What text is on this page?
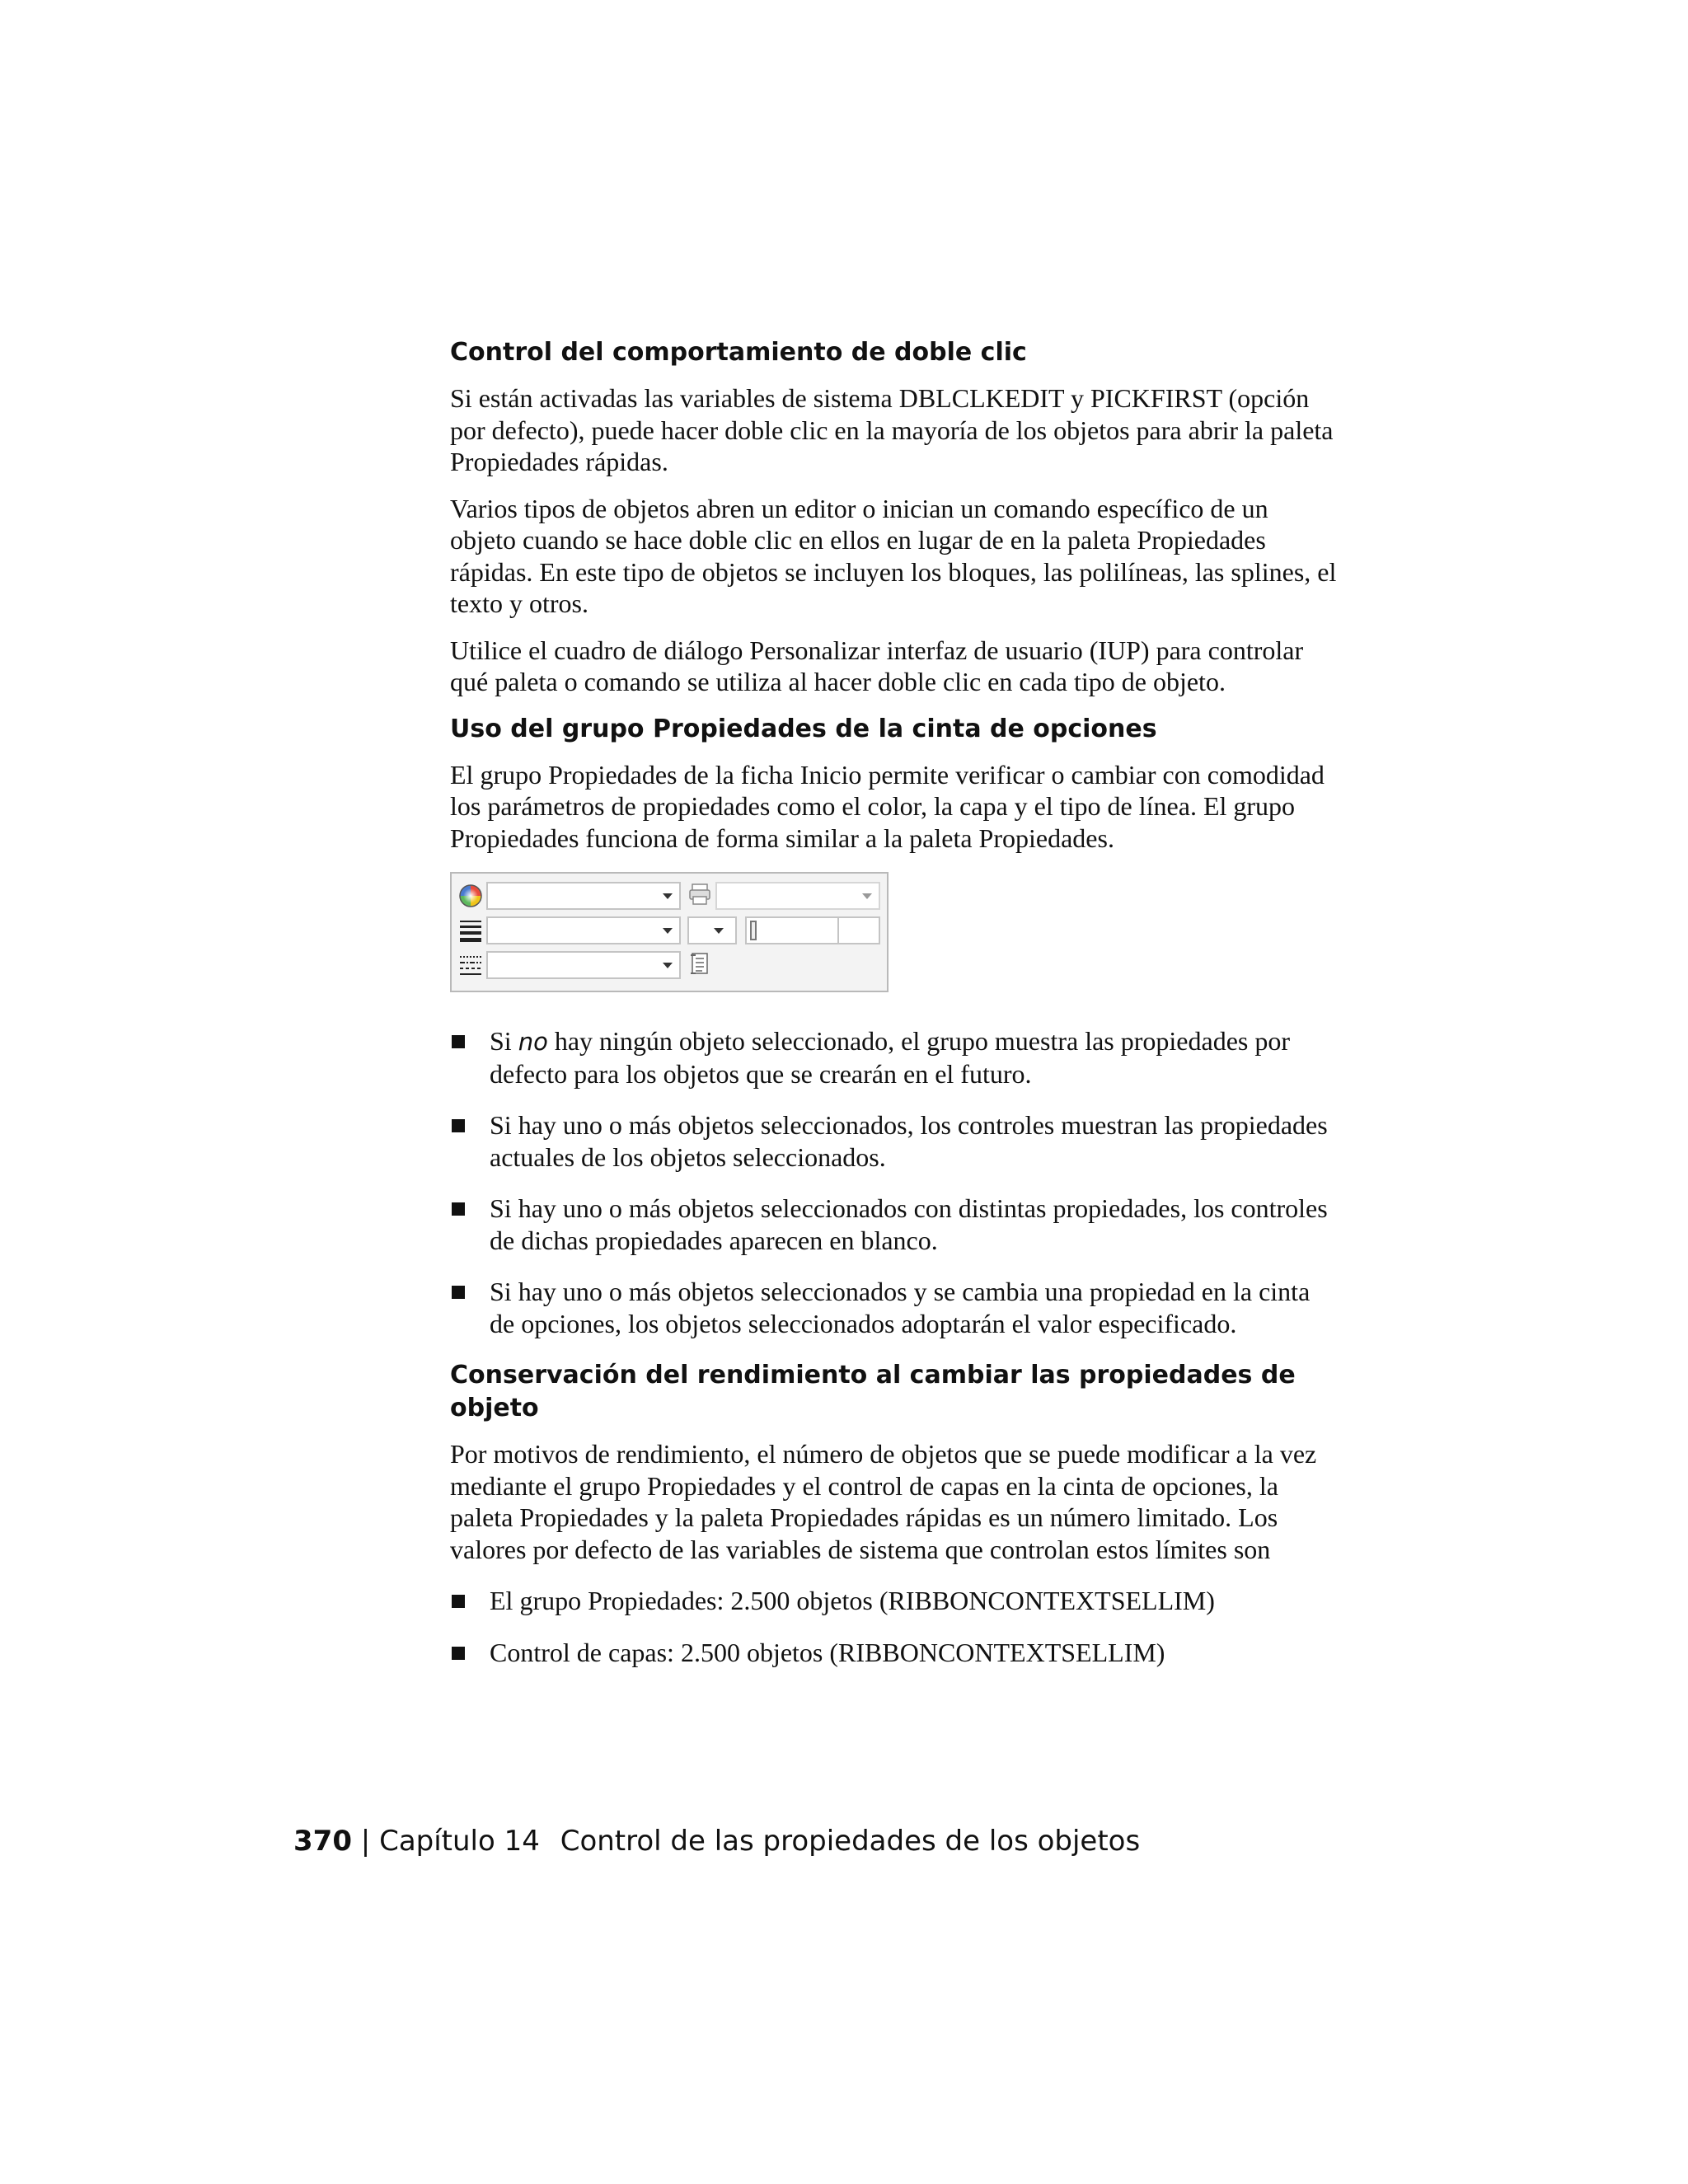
Control del comportamiento de doble clic

Si están activadas las variables de sistema DBLCLKEDIT y PICKFIRST (opción por defecto), puede hacer doble clic en la mayoría de los objetos para abrir la paleta Propiedades rápidas.

Varios tipos de objetos abren un editor o inician un comando específico de un objeto cuando se hace doble clic en ellos en lugar de en la paleta Propiedades rápidas. En este tipo de objetos se incluyen los bloques, las polilíneas, las splines, el texto y otros.

Utilice el cuadro de diálogo Personalizar interfaz de usuario (IUP) para controlar qué paleta o comando se utiliza al hacer doble clic en cada tipo de objeto.

Uso del grupo Propiedades de la cinta de opciones

El grupo Propiedades de la ficha Inicio permite verificar o cambiar con comodidad los parámetros de propiedades como el color, la capa y el tipo de línea. El grupo Propiedades funciona de forma similar a la paleta Propiedades.

Si no hay ningún objeto seleccionado, el grupo muestra las propiedades por defecto para los objetos que se crearán en el futuro.
Si hay uno o más objetos seleccionados, los controles muestran las propiedades actuales de los objetos seleccionados.
Si hay uno o más objetos seleccionados con distintas propiedades, los controles de dichas propiedades aparecen en blanco.
Si hay uno o más objetos seleccionados y se cambia una propiedad en la cinta de opciones, los objetos seleccionados adoptarán el valor especificado.
Conservación del rendimiento al cambiar las propiedades de objeto

Por motivos de rendimiento, el número de objetos que se puede modificar a la vez mediante el grupo Propiedades y el control de capas en la cinta de opciones, la paleta Propiedades y la paleta Propiedades rápidas es un número limitado. Los valores por defecto de las variables de sistema que controlan estos límites son

El grupo Propiedades: 2.500 objetos (RIBBONCONTEXTSELLIM)
Control de capas: 2.500 objetos (RIBBONCONTEXTSELLIM)
370 | Capítulo 14 Control de las propiedades de los objetos
